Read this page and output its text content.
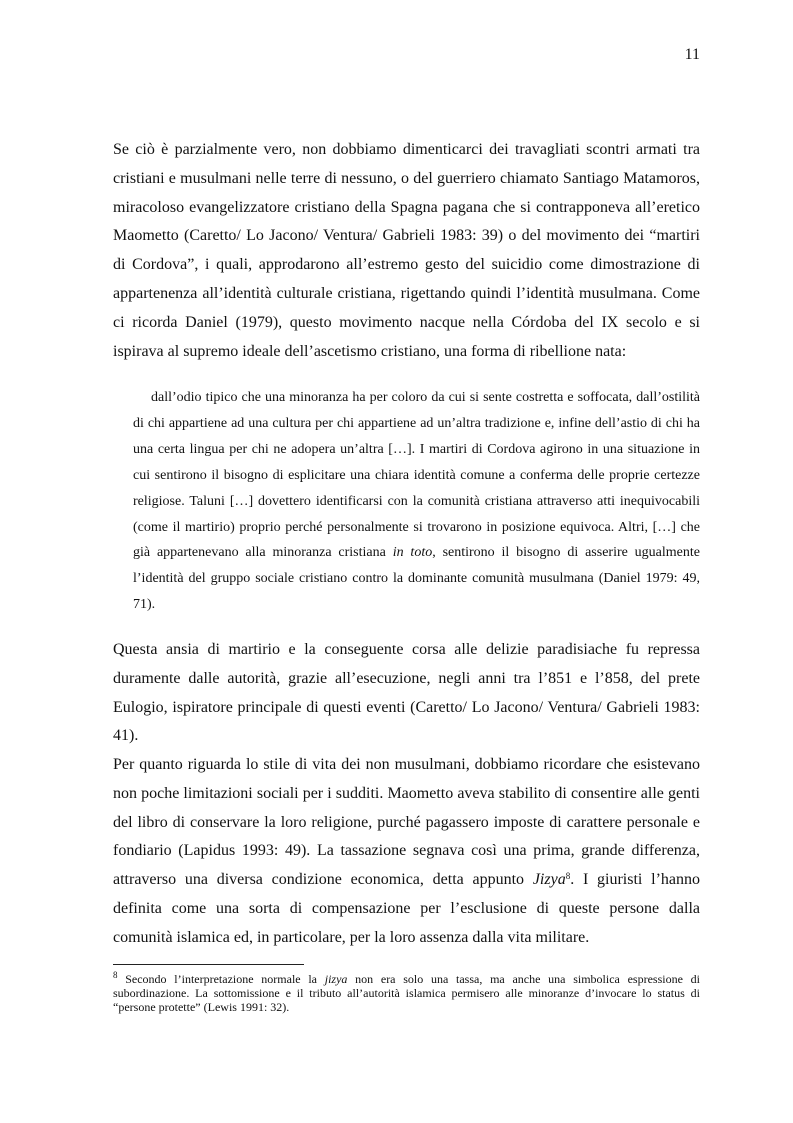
11

Se ciò è parzialmente vero, non dobbiamo dimenticarci dei travagliati scontri armati tra cristiani e musulmani nelle terre di nessuno, o del guerriero chiamato Santiago Matamoros, miracoloso evangelizzatore cristiano della Spagna pagana che si contrapponeva all’eretico Maometto (Caretto/ Lo Jacono/ Ventura/ Gabrieli 1983: 39) o del movimento dei “martiri di Cordova”, i quali, approdarono all’estremo gesto del suicidio come dimostrazione di appartenenza all’identità culturale cristiana, rigettando quindi l’identità musulmana. Come ci ricorda Daniel (1979), questo movimento nacque nella Córdoba del IX secolo e si ispirava al supremo ideale dell’ascetismo cristiano, una forma di ribellione nata:

dall’odio tipico che una minoranza ha per coloro da cui si sente costretta e soffocata, dall’ostilità di chi appartiene ad una cultura per chi appartiene ad un’altra tradizione e, infine dell’astio di chi ha una certa lingua per chi ne adopera un’altra […]. I martiri di Cordova agirono in una situazione in cui sentirono il bisogno di esplicitare una chiara identità comune a conferma delle proprie certezze religiose. Taluni […] dovettero identificarsi con la comunità cristiana attraverso atti inequivocabili (come il martirio) proprio perché personalmente si trovarono in posizione equivoca. Altri, […] che già appartenevano alla minoranza cristiana in toto, sentirono il bisogno di asserire ugualmente l’identità del gruppo sociale cristiano contro la dominante comunità musulmana (Daniel 1979: 49, 71).

Questa ansia di martirio e la conseguente corsa alle delizie paradisiache fu repressa duramente dalle autorità, grazie all’esecuzione, negli anni tra l’851 e l’858, del prete Eulogio, ispiratore principale di questi eventi (Caretto/ Lo Jacono/ Ventura/ Gabrieli 1983: 41).

Per quanto riguarda lo stile di vita dei non musulmani, dobbiamo ricordare che esistevano non poche limitazioni sociali per i sudditi. Maometto aveva stabilito di consentire alle genti del libro di conservare la loro religione, purché pagassero imposte di carattere personale e fondiario (Lapidus 1993: 49). La tassazione segnava così una prima, grande differenza, attraverso una diversa condizione economica, detta appunto Jizya$^8$. I giuristi l’hanno definita come una sorta di compensazione per l’esclusione di queste persone dalla comunità islamica ed, in particolare, per la loro assenza dalla vita militare.

$^8$ Secondo l’interpretazione normale la jizya non era solo una tassa, ma anche una simbolica espressione di subordinazione. La sottomissione e il tributo all’autorità islamica permisero alle minoranze d’invocare lo status di “persone protette” (Lewis 1991: 32).
